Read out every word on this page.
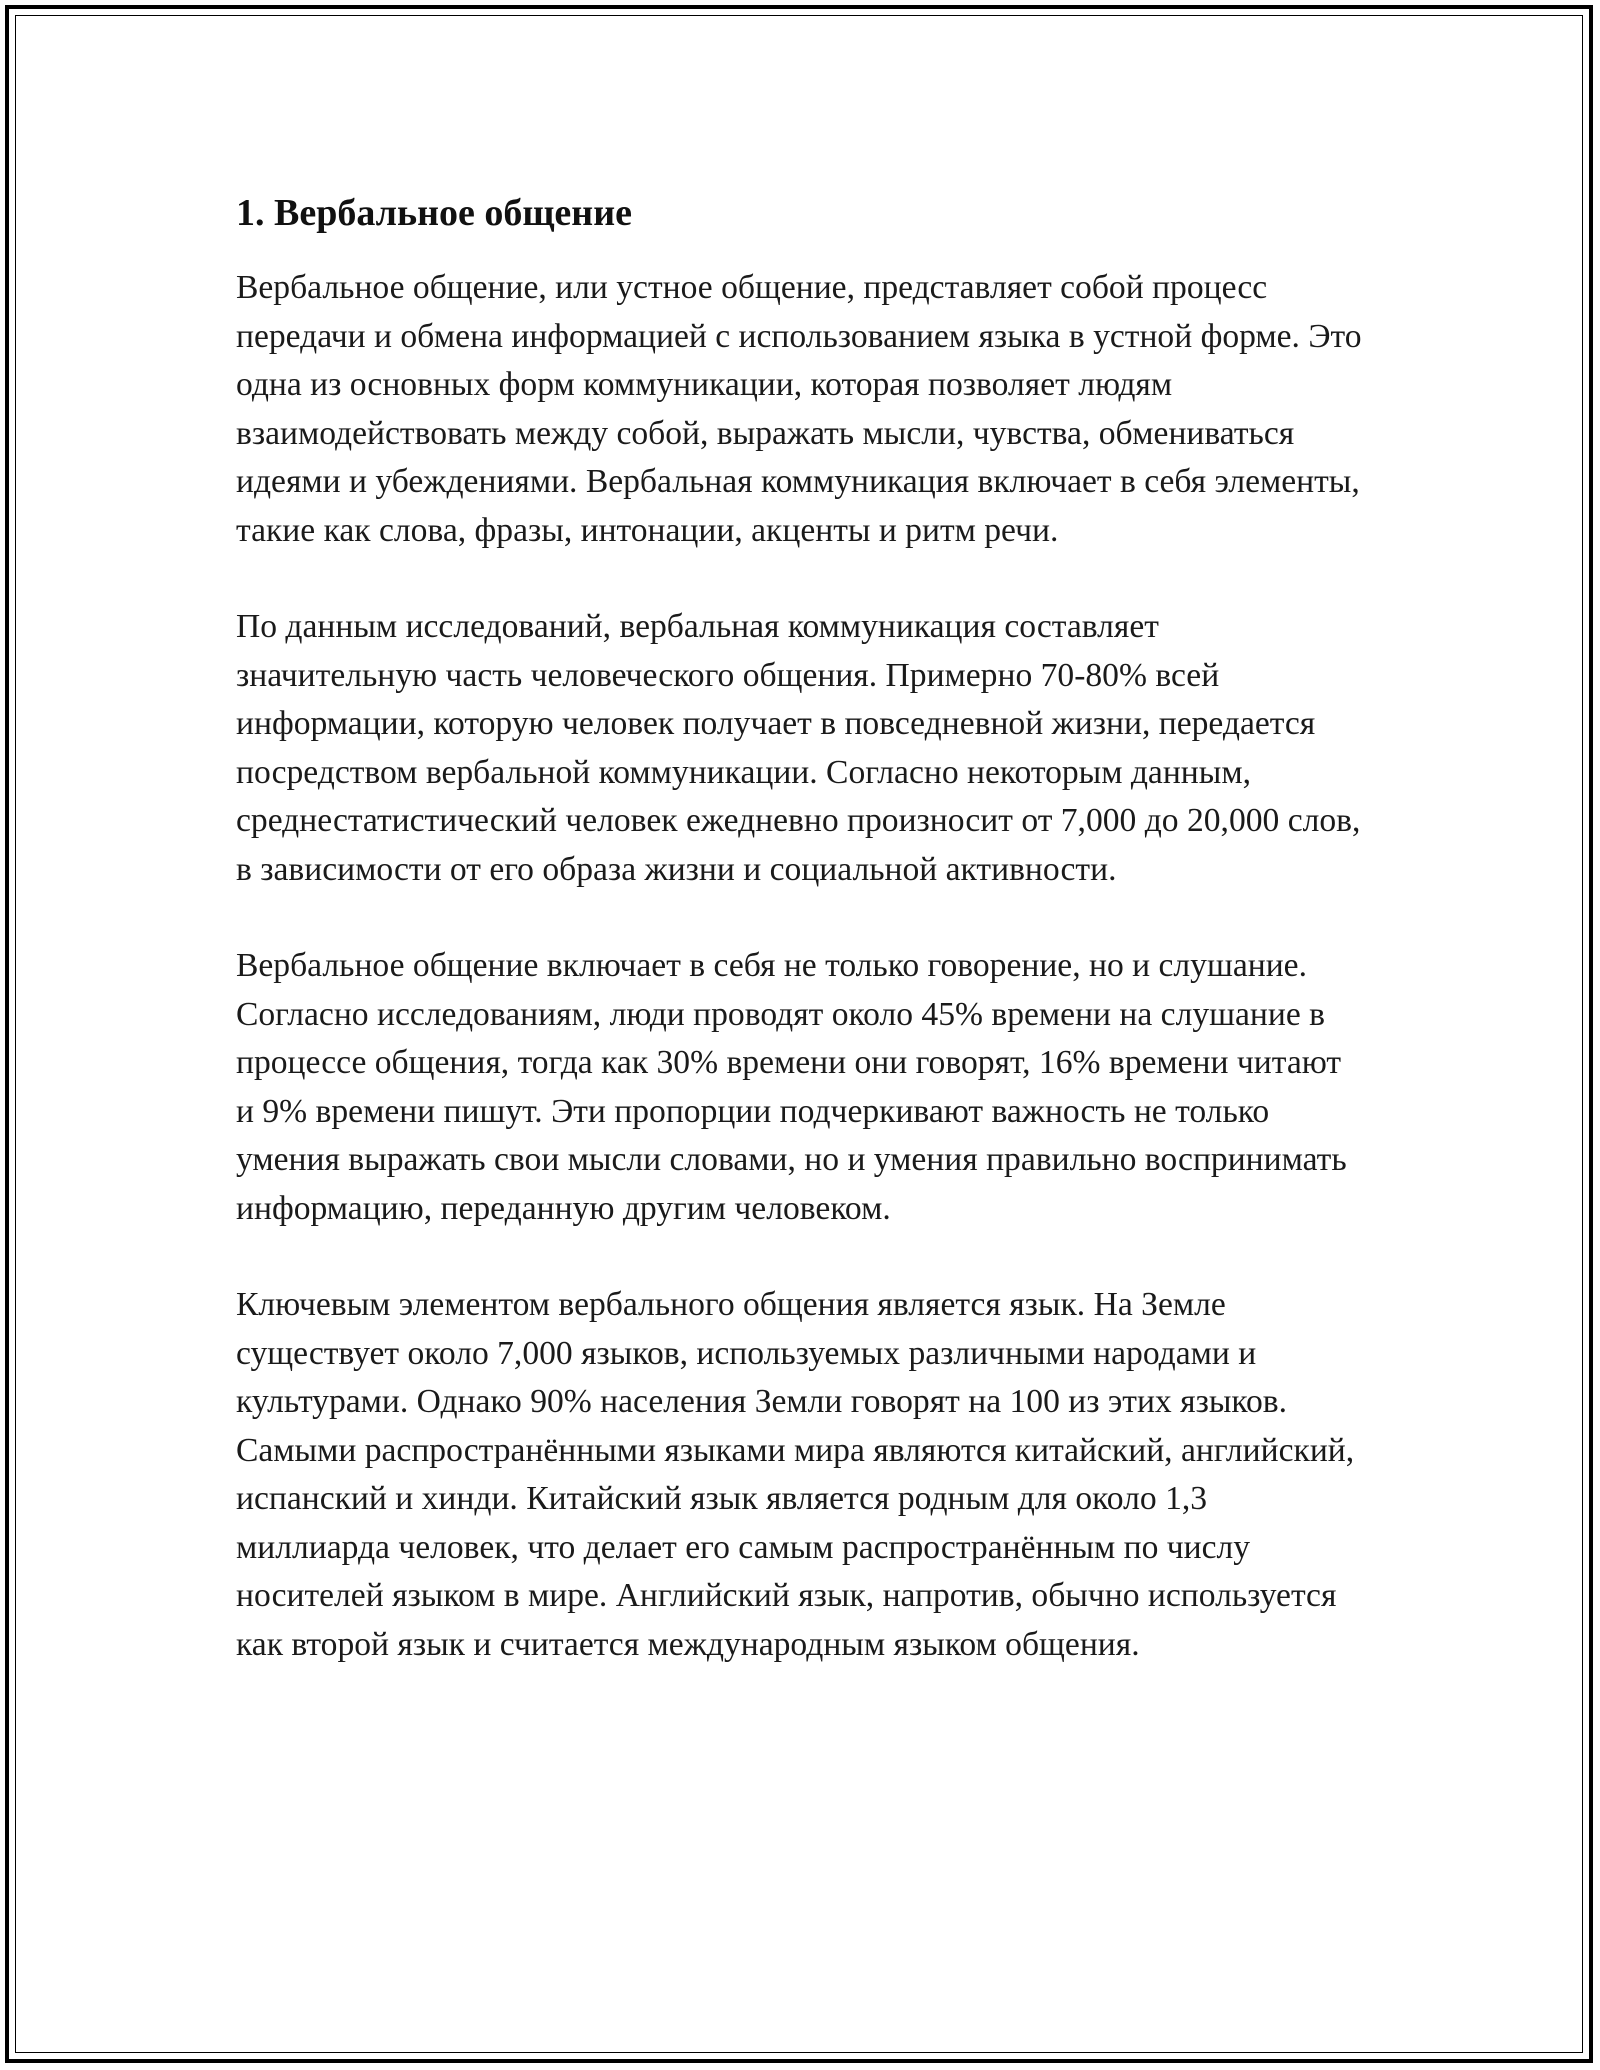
1. Вербальное общение

Вербальное общение, или устное общение, представляет собой процесс передачи и обмена информацией с использованием языка в устной форме. Это одна из основных форм коммуникации, которая позволяет людям взаимодействовать между собой, выражать мысли, чувства, обмениваться идеями и убеждениями. Вербальная коммуникация включает в себя элементы, такие как слова, фразы, интонации, акценты и ритм речи.

По данным исследований, вербальная коммуникация составляет значительную часть человеческого общения. Примерно 70-80% всей информации, которую человек получает в повседневной жизни, передается посредством вербальной коммуникации. Согласно некоторым данным, среднестатистический человек ежедневно произносит от 7,000 до 20,000 слов, в зависимости от его образа жизни и социальной активности.

Вербальное общение включает в себя не только говорение, но и слушание. Согласно исследованиям, люди проводят около 45% времени на слушание в процессе общения, тогда как 30% времени они говорят, 16% времени читают и 9% времени пишут. Эти пропорции подчеркивают важность не только умения выражать свои мысли словами, но и умения правильно воспринимать информацию, переданную другим человеком.

Ключевым элементом вербального общения является язык. На Земле существует около 7,000 языков, используемых различными народами и культурами. Однако 90% населения Земли говорят на 100 из этих языков. Самыми распространёнными языками мира являются китайский, английский, испанский и хинди. Китайский язык является родным для около 1,3 миллиарда человек, что делает его самым распространённым по числу носителей языком в мире. Английский язык, напротив, обычно используется как второй язык и считается международным языком общения.
